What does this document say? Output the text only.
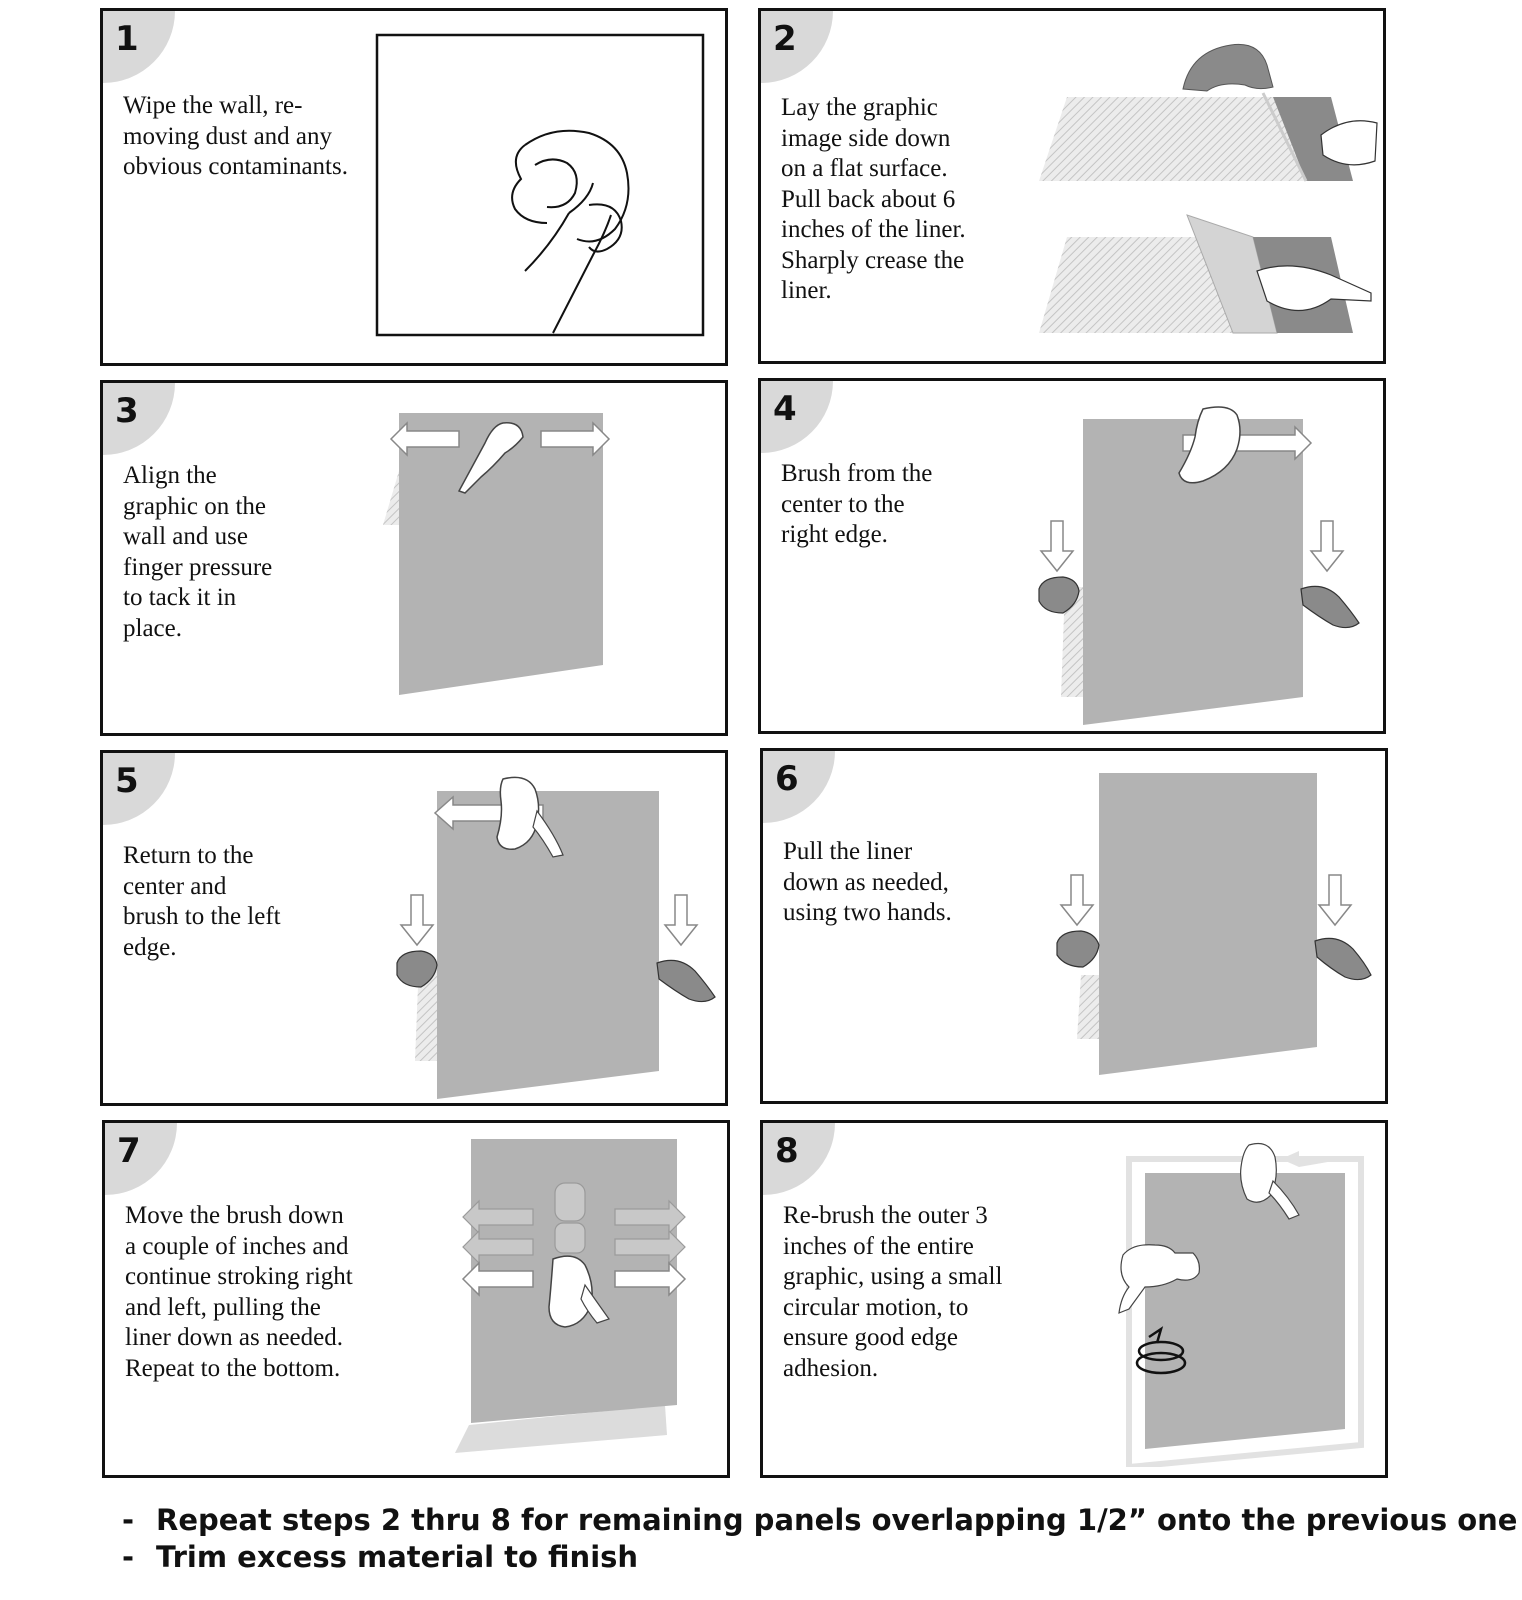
1
Wipe the wall, re-
moving dust and any
obvious contaminants.
2
Lay the graphic
image side down
on a flat surface.
Pull back about 6
inches of the liner.
Sharply crease the
liner.
3
Align the
graphic on the
wall and use
finger pressure
to tack it in
place.
4
Brush from the
center to the
right edge.
5
Return to the
center and
brush to the left
edge.
6
Pull the liner
down as needed,
using two hands.
7
Move the brush down
a couple of inches and
continue stroking right
and left, pulling the
liner down as needed.
Repeat to the bottom.
8
Re-brush the outer 3
inches of the entire
graphic, using a small
circular motion, to
ensure good edge
adhesion.
- Repeat steps 2 thru 8 for remaining panels overlapping 1/2” onto the previous one
- Trim excess material to finish
